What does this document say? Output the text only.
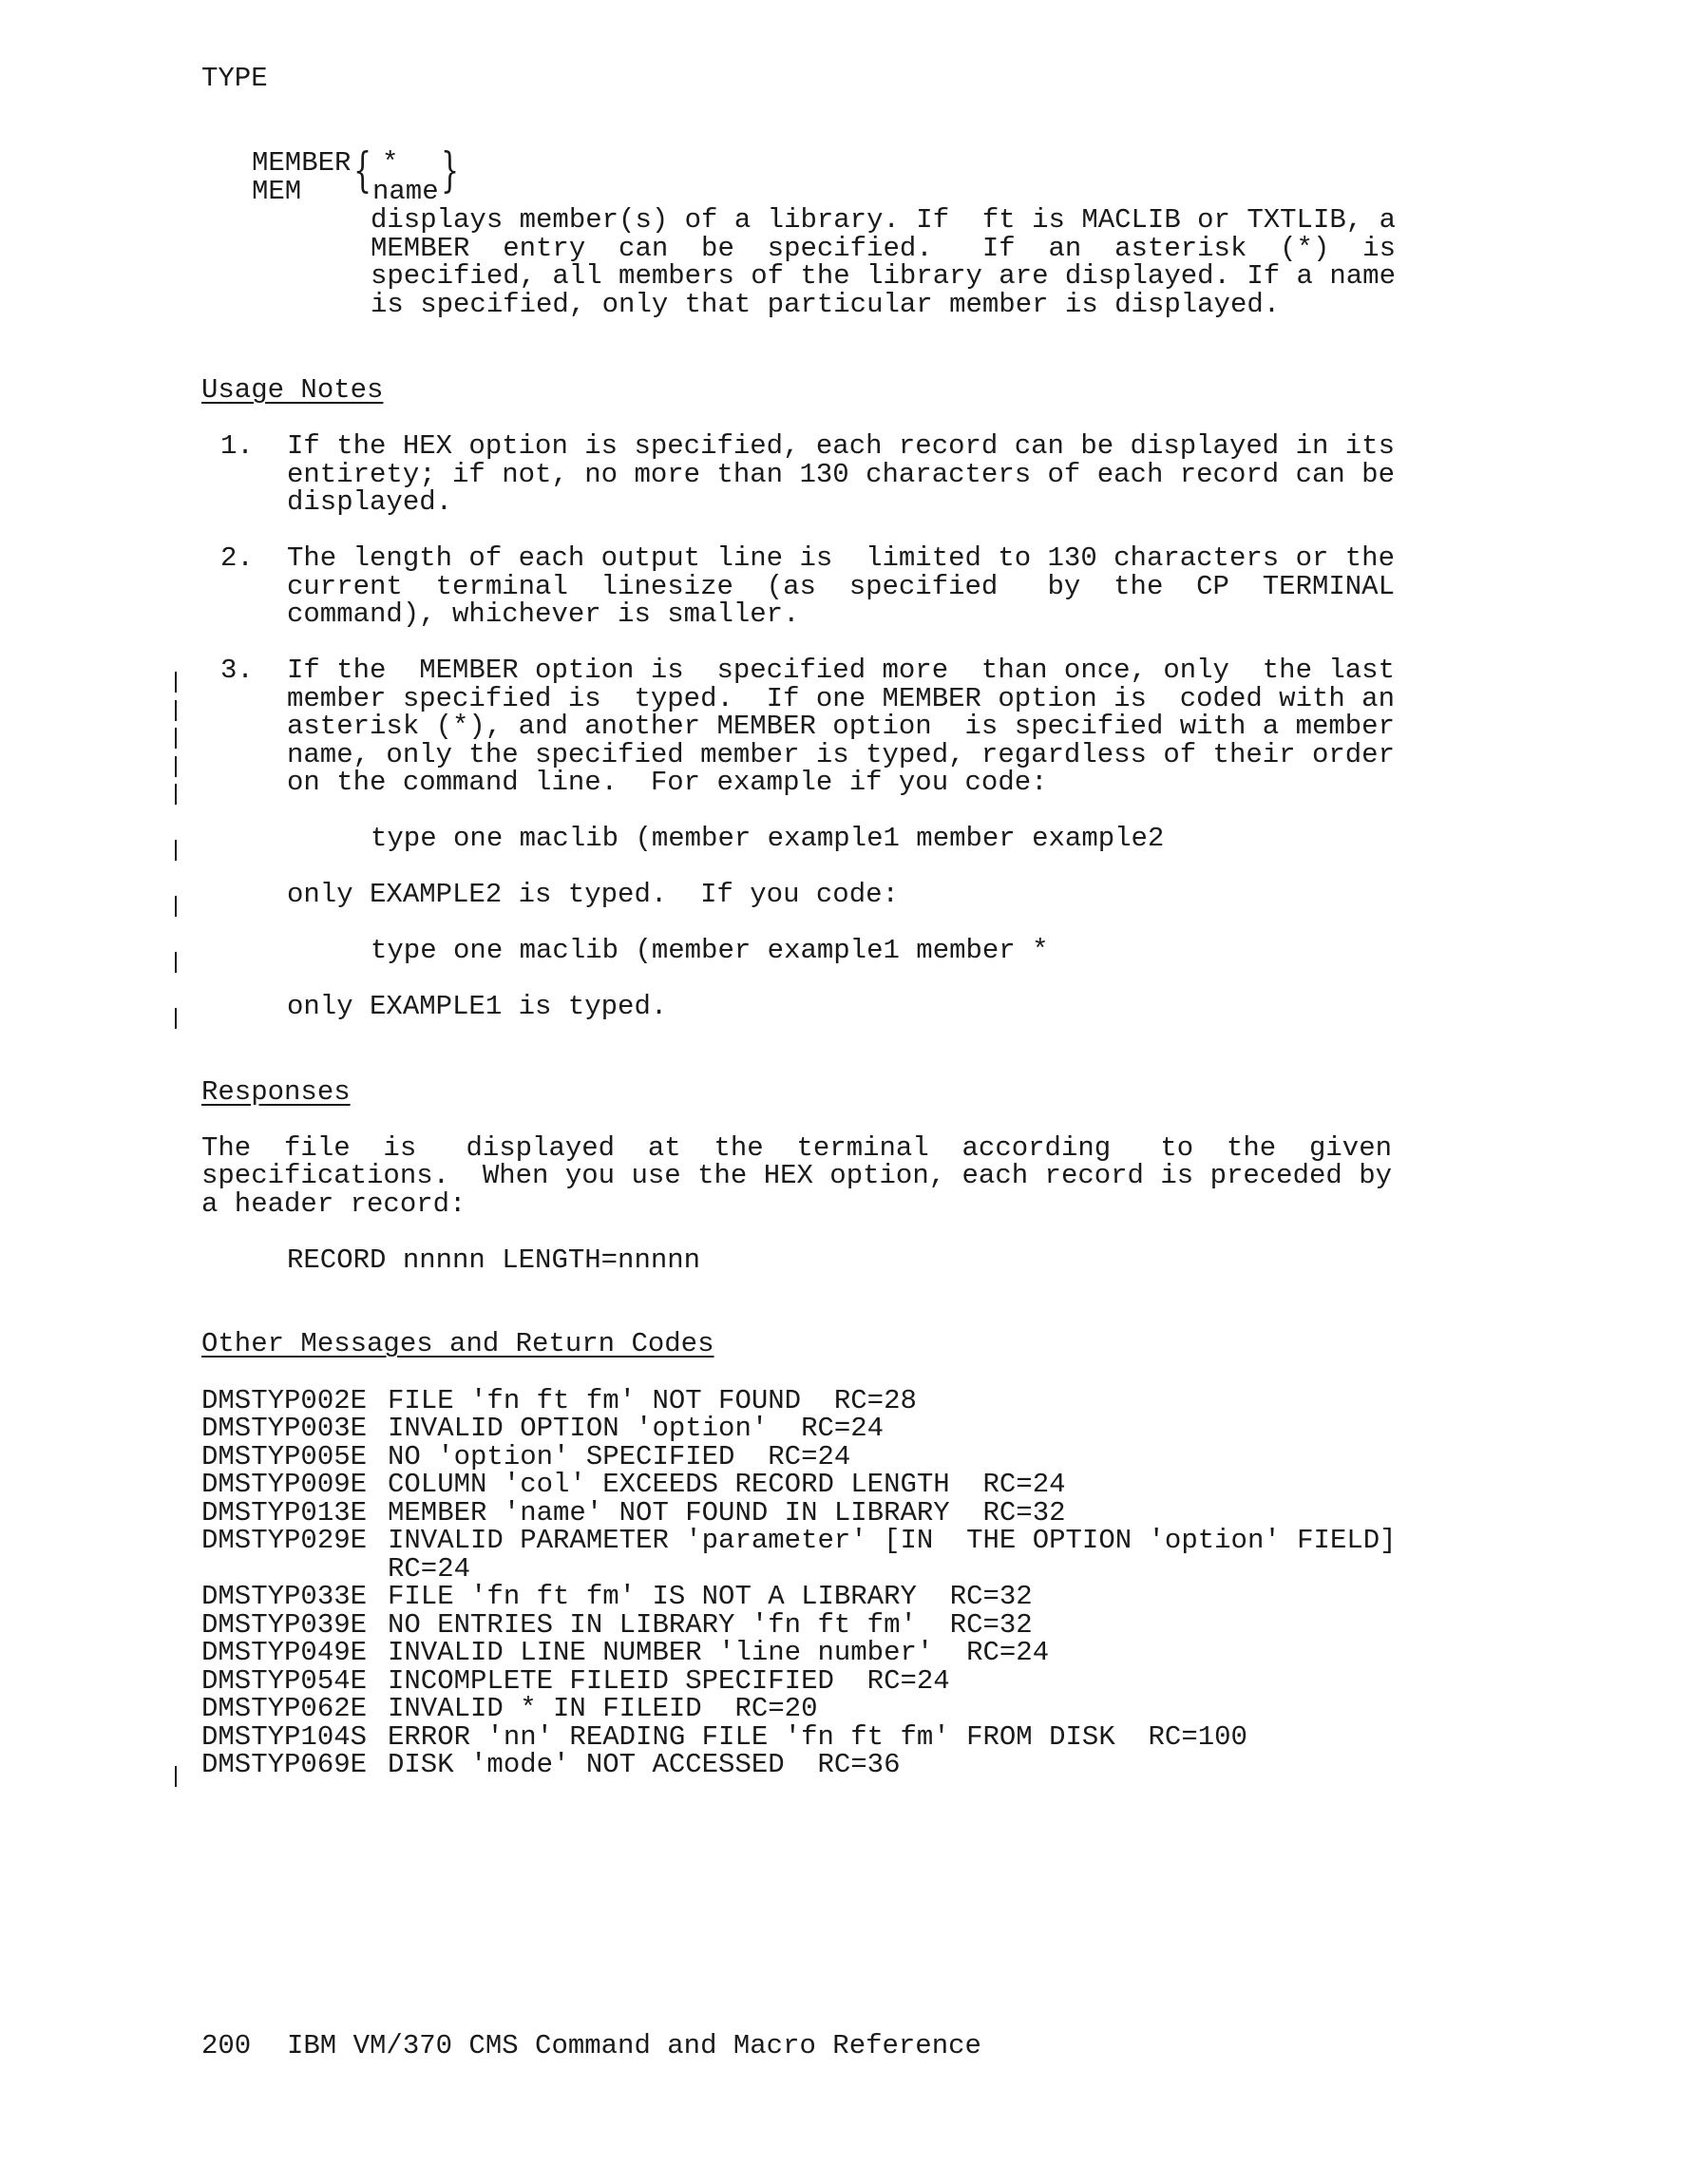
TYPE
MEMBER
MEM { *
name }
displays member(s) of a library. If  ft is MACLIB or TXTLIB, a
MEMBER  entry  can  be  specified.   If  an  asterisk  (*)  is
specified, all members of the library are displayed. If a name
is specified, only that particular member is displayed.
Usage Notes
1. If the HEX option is specified, each record can be displayed in its
entirety; if not, no more than 130 characters of each record can be
displayed.
2. The length of each output line is  limited to 130 characters or the
current  terminal  linesize  (as  specified   by  the  CP  TERMINAL
command), whichever is smaller.
3. If the  MEMBER option is  specified more  than once, only  the last
member specified is  typed.  If one MEMBER option is  coded with an
asterisk (*), and another MEMBER option  is specified with a member
name, only the specified member is typed, regardless of their order
on the command line.  For example if you code:
type one maclib (member example1 member example2
only EXAMPLE2 is typed.  If you code:
type one maclib (member example1 member *
only EXAMPLE1 is typed.
Responses
The  file  is   displayed  at  the  terminal  according   to  the  given
specifications.  When you use the HEX option, each record is preceded by
a header record:
RECORD nnnnn LENGTH=nnnnn
Other Messages and Return Codes
DMSTYP002E FILE 'fn ft fm' NOT FOUND  RC=28
DMSTYP003E INVALID OPTION 'option'  RC=24
DMSTYP005E NO 'option' SPECIFIED  RC=24
DMSTYP009E COLUMN 'col' EXCEEDS RECORD LENGTH  RC=24
DMSTYP013E MEMBER 'name' NOT FOUND IN LIBRARY  RC=32
DMSTYP029E INVALID PARAMETER 'parameter' [IN  THE OPTION 'option' FIELD]
RC=24
DMSTYP033E FILE 'fn ft fm' IS NOT A LIBRARY  RC=32
DMSTYP039E NO ENTRIES IN LIBRARY 'fn ft fm'  RC=32
DMSTYP049E INVALID LINE NUMBER 'line number'  RC=24
DMSTYP054E INCOMPLETE FILEID SPECIFIED  RC=24
DMSTYP062E INVALID * IN FILEID  RC=20
DMSTYP104S ERROR 'nn' READING FILE 'fn ft fm' FROM DISK  RC=100
DMSTYP069E DISK 'mode' NOT ACCESSED  RC=36
200 IBM VM/370 CMS Command and Macro Reference
